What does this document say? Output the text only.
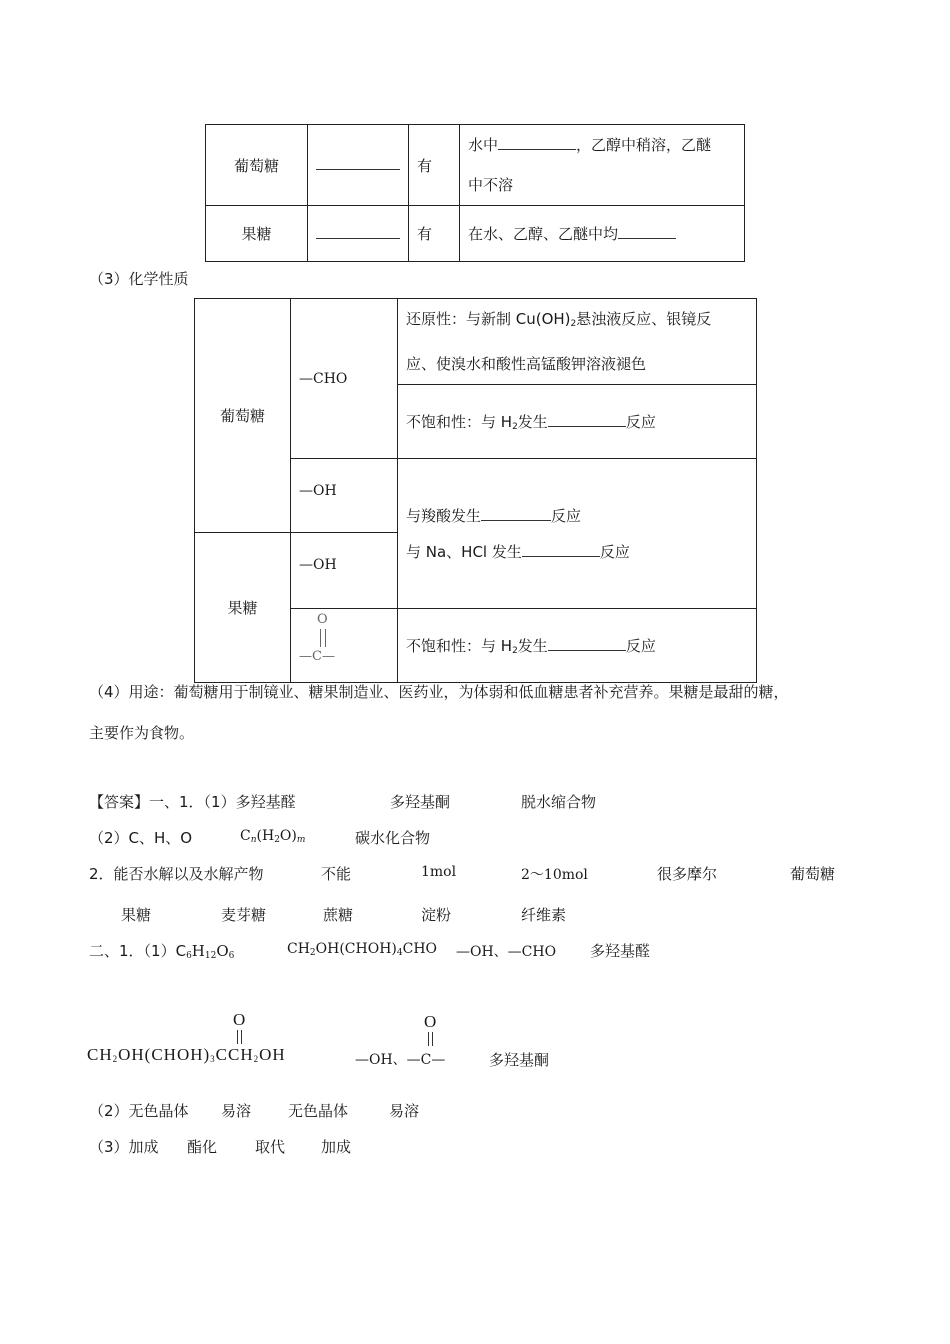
葡萄糖		有	水中 ，乙醇中稍溶，乙醚
中不溶
果糖		有	在水、乙醇、乙醚中均
（3）化学性质
葡萄糖	—CHO	还原性：与新制 $Cu(OH)_2$悬浊液反应、银镜反
应、使溴水和酸性高锰酸钾溶液褪色
		不饱和性：与 $H_2$发生 反应
	—OH	与羧酸发生 反应
与 Na、HCl 发生 反应
果糖	—OH	

	O
—C—	不饱和性：与 $H_2$发生 反应
（4）用途：葡萄糖用于制镜业、糖果制造业、医药业，为体弱和低血糖患者补充营养。果糖是最甜的糖，
主要作为食物。
【答案】一、1．（1）多羟基醛	多羟基酮	脱水缩合物
（2）C、H、O	$C_n(H_2O)_m$	碳水化合物
2．能否水解以及水解产物	不能	1mol	2～10mol	很多摩尔	葡萄糖
果糖	麦芽糖	蔗糖	淀粉	纤维素
二、1．$(1)C_6H_{12}O_6$	$CH_2OH(CHOH)_4CHO$ —OH、—CHO 多羟基醛
O
$CH_2OH(CHOH)_3CCH_2OH$
O
—OH、—C—	多羟基酮
（2）无色晶体 易溶 无色晶体	易溶
（3）加成 酯化	取代 加成
